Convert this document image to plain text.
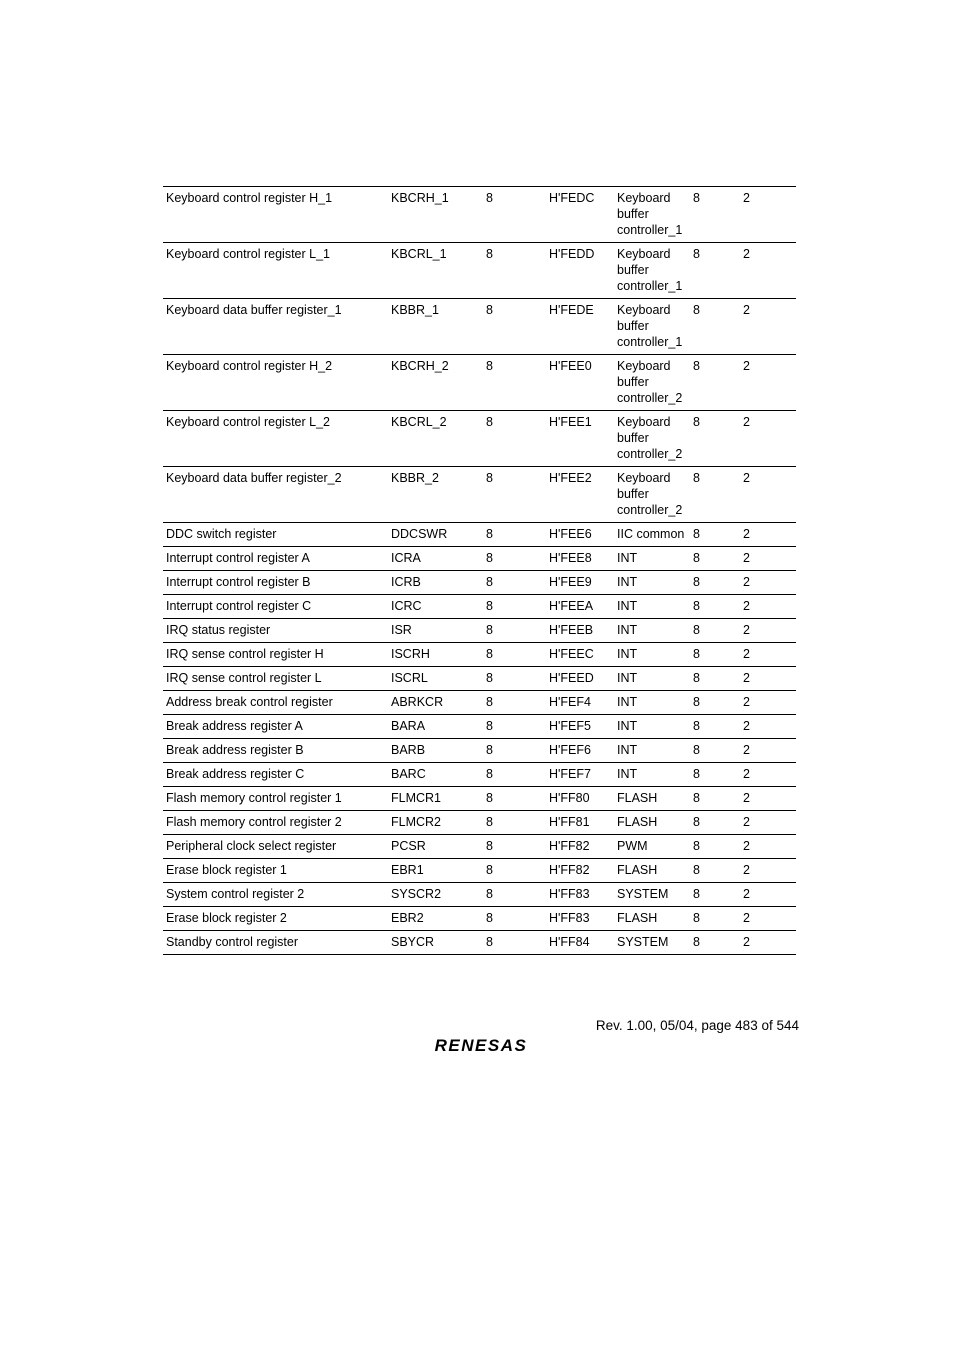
Keyboard control register H_1	KBCRH_1	8	H'FEDC	Keyboard
buffer
controller_1	8	2
Keyboard control register L_1	KBCRL_1	8	H'FEDD	Keyboard
buffer
controller_1	8	2
Keyboard data buffer register_1	KBBR_1	8	H'FEDE	Keyboard
buffer
controller_1	8	2
Keyboard control register H_2	KBCRH_2	8	H'FEE0	Keyboard
buffer
controller_2	8	2
Keyboard control register L_2	KBCRL_2	8	H'FEE1	Keyboard
buffer
controller_2	8	2
Keyboard data buffer register_2	KBBR_2	8	H'FEE2	Keyboard
buffer
controller_2	8	2
DDC switch register	DDCSWR	8	H'FEE6	IIC common	8	2
Interrupt control register A	ICRA	8	H'FEE8	INT	8	2
Interrupt control register B	ICRB	8	H'FEE9	INT	8	2
Interrupt control register C	ICRC	8	H'FEEA	INT	8	2
IRQ status register	ISR	8	H'FEEB	INT	8	2
IRQ sense control register H	ISCRH	8	H'FEEC	INT	8	2
IRQ sense control register L	ISCRL	8	H'FEED	INT	8	2
Address break control register	ABRKCR	8	H'FEF4	INT	8	2
Break address register A	BARA	8	H'FEF5	INT	8	2
Break address register B	BARB	8	H'FEF6	INT	8	2
Break address register C	BARC	8	H'FEF7	INT	8	2
Flash memory control register 1	FLMCR1	8	H'FF80	FLASH	8	2
Flash memory control register 2	FLMCR2	8	H'FF81	FLASH	8	2
Peripheral clock select register	PCSR	8	H'FF82	PWM	8	2
Erase block register 1	EBR1	8	H'FF82	FLASH	8	2
System control register 2	SYSCR2	8	H'FF83	SYSTEM	8	2
Erase block register 2	EBR2	8	H'FF83	FLASH	8	2
Standby control register	SBYCR	8	H'FF84	SYSTEM	8	2
Rev. 1.00, 05/04, page 483 of 544
RENESAS
